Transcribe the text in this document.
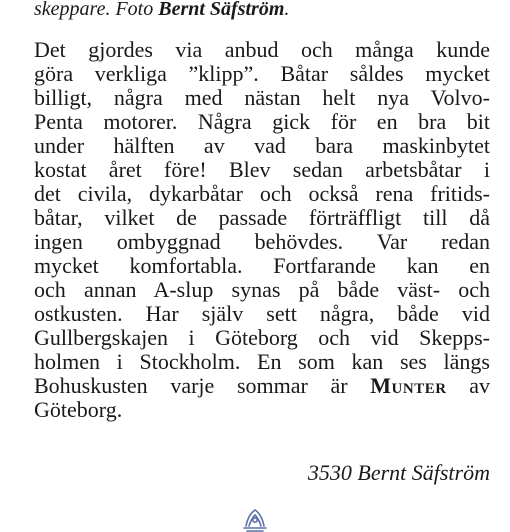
skeppare. Foto Bernt Säfström.
Det gjordes via anbud och många kunde
göra verkliga ”klipp”. Båtar såldes mycket
billigt, några med nästan helt nya Volvo-
Penta motorer. Några gick för en bra bit
under hälften av vad bara maskinbytet
kostat året före! Blev sedan arbetsbåtar i
det civila, dykarbåtar och också rena fritids-
båtar, vilket de passade förträffligt till då
ingen ombyggnad behövdes. Var redan
mycket komfortabla. Fortfarande kan en
och annan A-slup synas på både väst- och
ostkusten. Har själv sett några, både vid
Gullbergskajen i Göteborg och vid Skepps-
holmen i Stockholm. En som kan ses längs
Bohuskusten varje sommar är Munter av
Göteborg.
3530 Bernt Säfström
